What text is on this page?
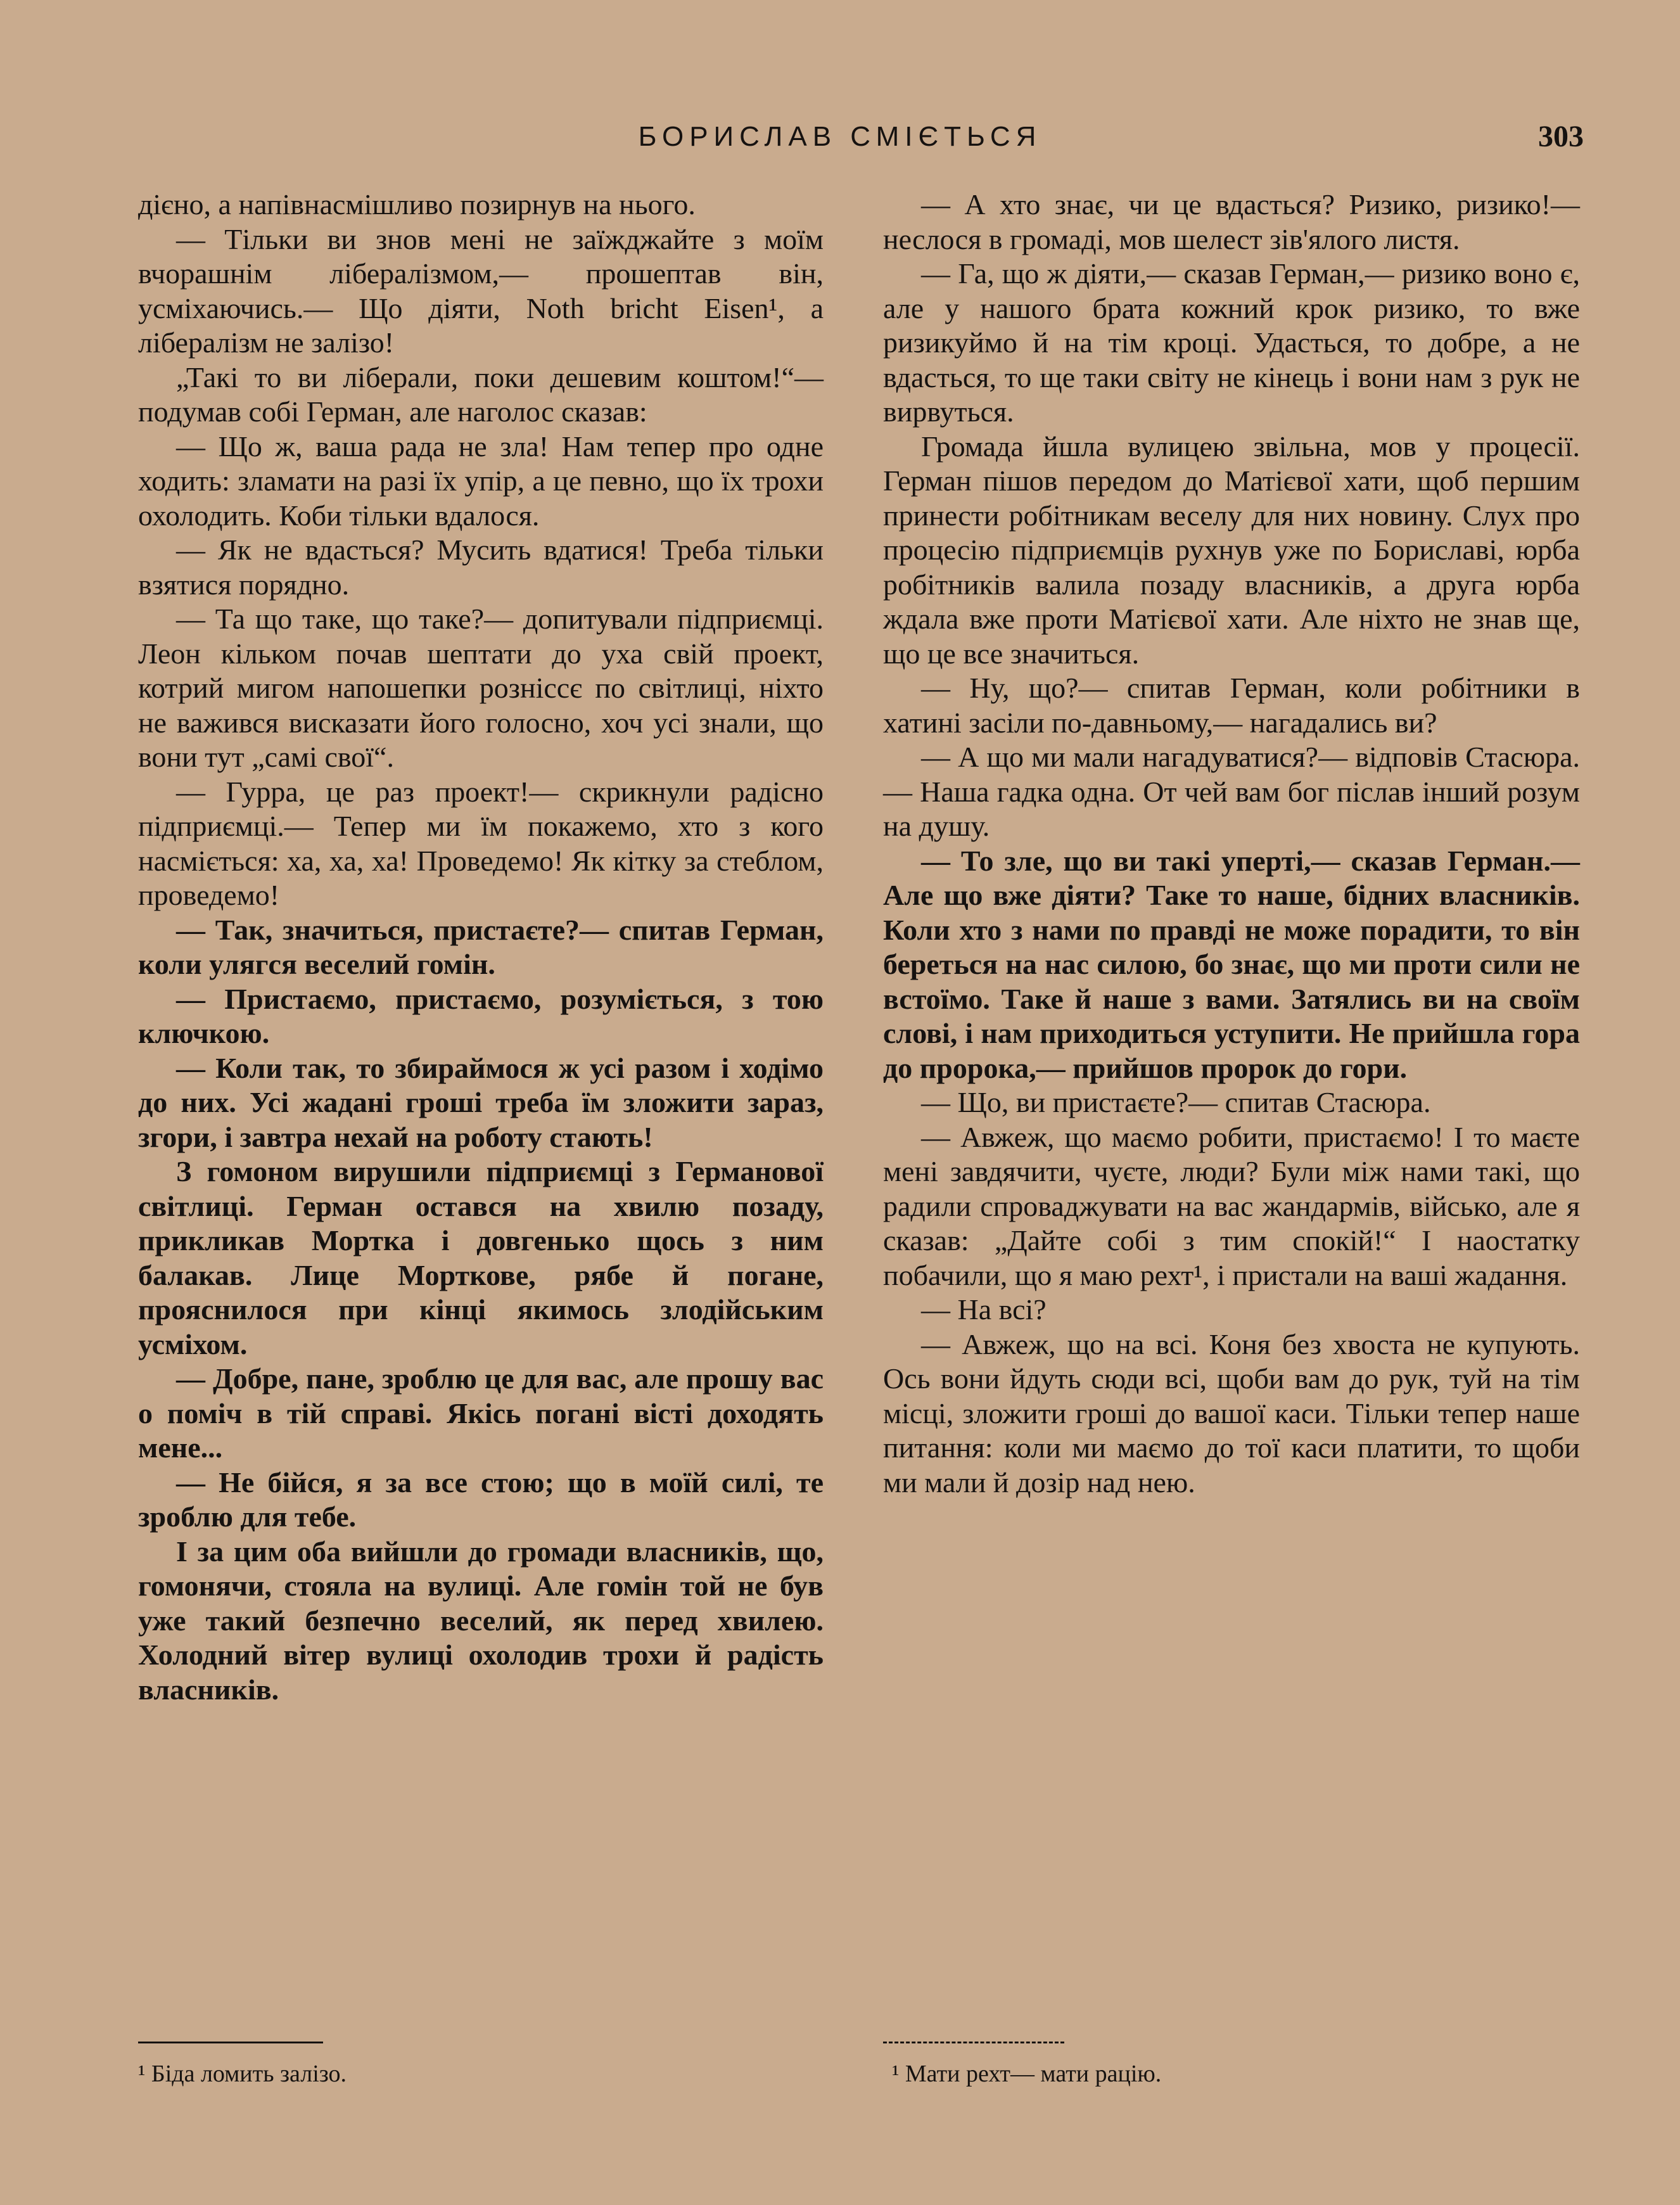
БОРИСЛАВ СМІЄТЬСЯ	303

дієно, а напівнасмішливо позирнув на нього.

— Тільки ви знов мені не заїжджайте з моїм вчорашнім лібералізмом,— прошептав він, усміхаючись.— Що діяти, Noth bricht Eisen¹, а лібералізм не залізо!

„Такі то ви ліберали, поки дешевим коштом!“— подумав собі Герман, але наголос сказав:

— Що ж, ваша рада не зла! Нам тепер про одне ходить: зламати на разі їх упір, а це певно, що їх трохи охолодить. Коби тільки вдалося.

— Як не вдасться? Мусить вдатися! Треба тільки взятися порядно.

— Та що таке, що таке?— допитували підприємці. Леон кільком почав шептати до уха свій проект, котрий мигом напошепки розніссє по світлиці, ніхто не важився висказати його голосно, хоч усі знали, що вони тут „самі свої“.

— Гурра, це раз проект!— скрикнули радісно підприємці.— Тепер ми їм покажемо, хто з кого насміється: ха, ха, ха! Проведемо! Як кітку за стеблом, проведемо!

— Так, значиться, пристаєте?— спитав Герман, коли улягся веселий гомін.

— Пристаємо, пристаємо, розуміється, з тою ключкою.

— Коли так, то збираймося ж усі разом і ходімо до них. Усі жадані гроші треба їм зложити зараз, згори, і завтра нехай на роботу стають!

З гомоном вирушили підприємці з Германової світлиці. Герман остався на хвилю позаду, прикликав Мортка і довгенько щось з ним балакав. Лице Морткове, рябе й погане, прояснилося при кінці якимось злодійським усміхом.

— Добре, пане, зроблю це для вас, але прошу вас о поміч в тій справі. Якісь погані вісті доходять мене...

— Не бійся, я за все стою; що в моїй силі, те зроблю для тебе.

І за цим оба вийшли до громади власників, що, гомонячи, стояла на вулиці. Але гомін той не був уже такий безпечно веселий, як перед хвилею. Холодний вітер вулиці охолодив трохи й радість власників.

— А хто знає, чи це вдасться? Ризико, ризико!— неслося в громаді, мов шелест зів'ялого листя.

— Га, що ж діяти,— сказав Герман,— ризико воно є, але у нашого брата кожний крок ризико, то вже ризикуймо й на тім кроці. Удасться, то добре, а не вдасться, то ще таки світу не кінець і вони нам з рук не вирвуться.

Громада йшла вулицею звільна, мов у процесії. Герман пішов передом до Матієвої хати, щоб першим принести робітникам веселу для них новину. Слух про процесію підприємців рухнув уже по Бориславі, юрба робітників валила позаду власників, а друга юрба ждала вже проти Матієвої хати. Але ніхто не знав ще, що це все значиться.

— Ну, що?— спитав Герман, коли робітники в хатині засіли по-давньому,— нагадались ви?

— А що ми мали нагадуватися?— відповів Стасюра.— Наша гадка одна. От чей вам бог післав інший розум на душу.

— То зле, що ви такі уперті,— сказав Герман.— Але що вже діяти? Таке то наше, бідних власників. Коли хто з нами по правді не може порадити, то він береться на нас силою, бо знає, що ми проти сили не встоїмо. Таке й наше з вами. Затялись ви на своїм слові, і нам приходиться уступити. Не прийшла гора до пророка,— прийшов пророк до гори.

— Що, ви пристаєте?— спитав Стасюра.

— Авжеж, що маємо робити, пристаємо! І то маєте мені завдячити, чуєте, люди? Були між нами такі, що радили спроваджувати на вас жандармів, військо, але я сказав: „Дайте собі з тим спокій!“ І наостатку побачили, що я маю рехт¹, і пристали на ваші жадання.

— На всі?

— Авжеж, що на всі. Коня без хвоста не купують. Ось вони йдуть сюди всі, щоби вам до рук, туй на тім місці, зложити гроші до вашої каси. Тільки тепер наше питання: коли ми маємо до тої каси платити, то щоби ми мали й дозір над нею.

¹ Біда ломить залізо.	¹ Мати рехт— мати рацію.
